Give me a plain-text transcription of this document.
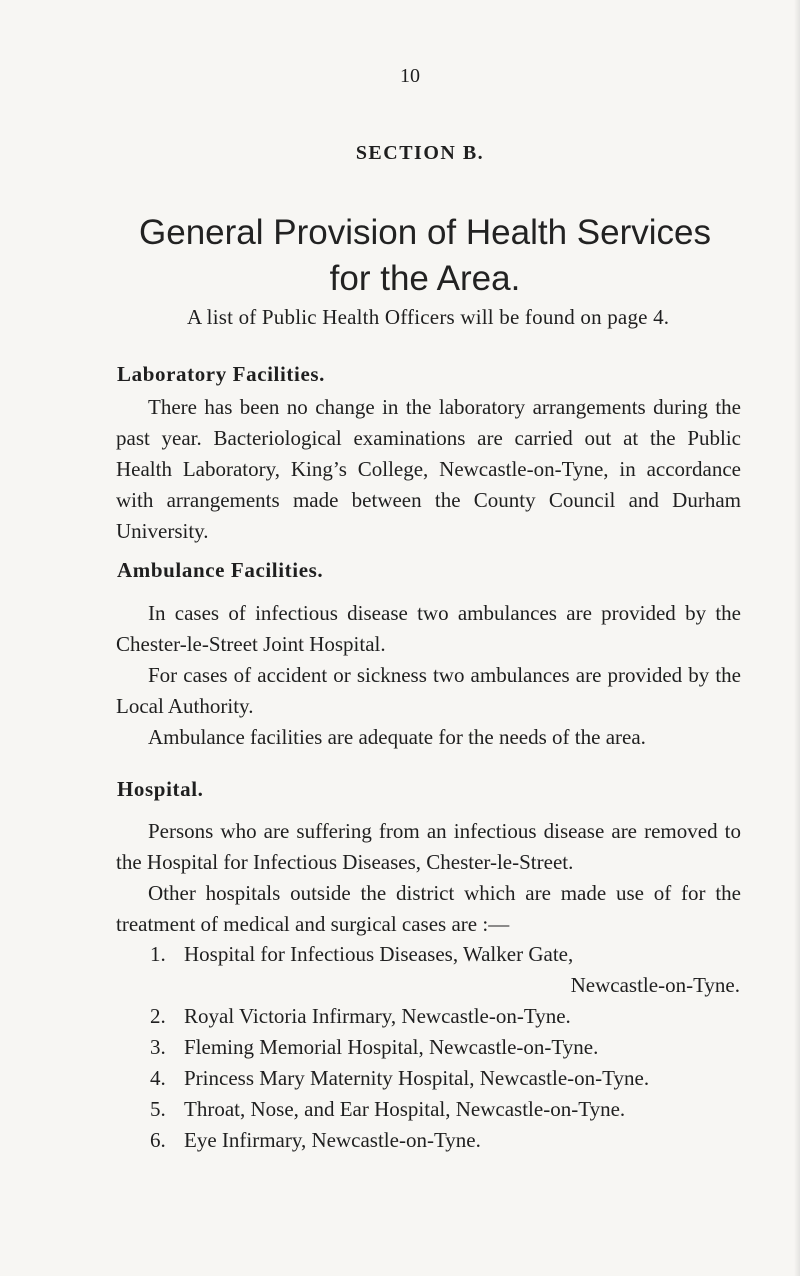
10
SECTION B.
General Provision of Health Services
for the Area.
A list of Public Health Officers will be found on page 4.
Laboratory Facilities.
There has been no change in the laboratory arrangements during the past year. Bacteriological examinations are carried out at the Public Health Laboratory, King’s College, Newcastle-on-Tyne, in accordance with arrangements made between the County Council and Durham University.
Ambulance Facilities.
In cases of infectious disease two ambulances are provided by the Chester-le-Street Joint Hospital.
For cases of accident or sickness two ambulances are provided by the Local Authority.
Ambulance facilities are adequate for the needs of the area.
Hospital.
Persons who are suffering from an infectious disease are removed to the Hospital for Infectious Diseases, Chester-le-Street.
Other hospitals outside the district which are made use of for the treatment of medical and surgical cases are :—
1. Hospital for Infectious Diseases, Walker Gate,
Newcastle-on-Tyne.
2. Royal Victoria Infirmary, Newcastle-on-Tyne.
3. Fleming Memorial Hospital, Newcastle-on-Tyne.
4. Princess Mary Maternity Hospital, Newcastle-on-Tyne.
5. Throat, Nose, and Ear Hospital, Newcastle-on-Tyne.
6. Eye Infirmary, Newcastle-on-Tyne.
